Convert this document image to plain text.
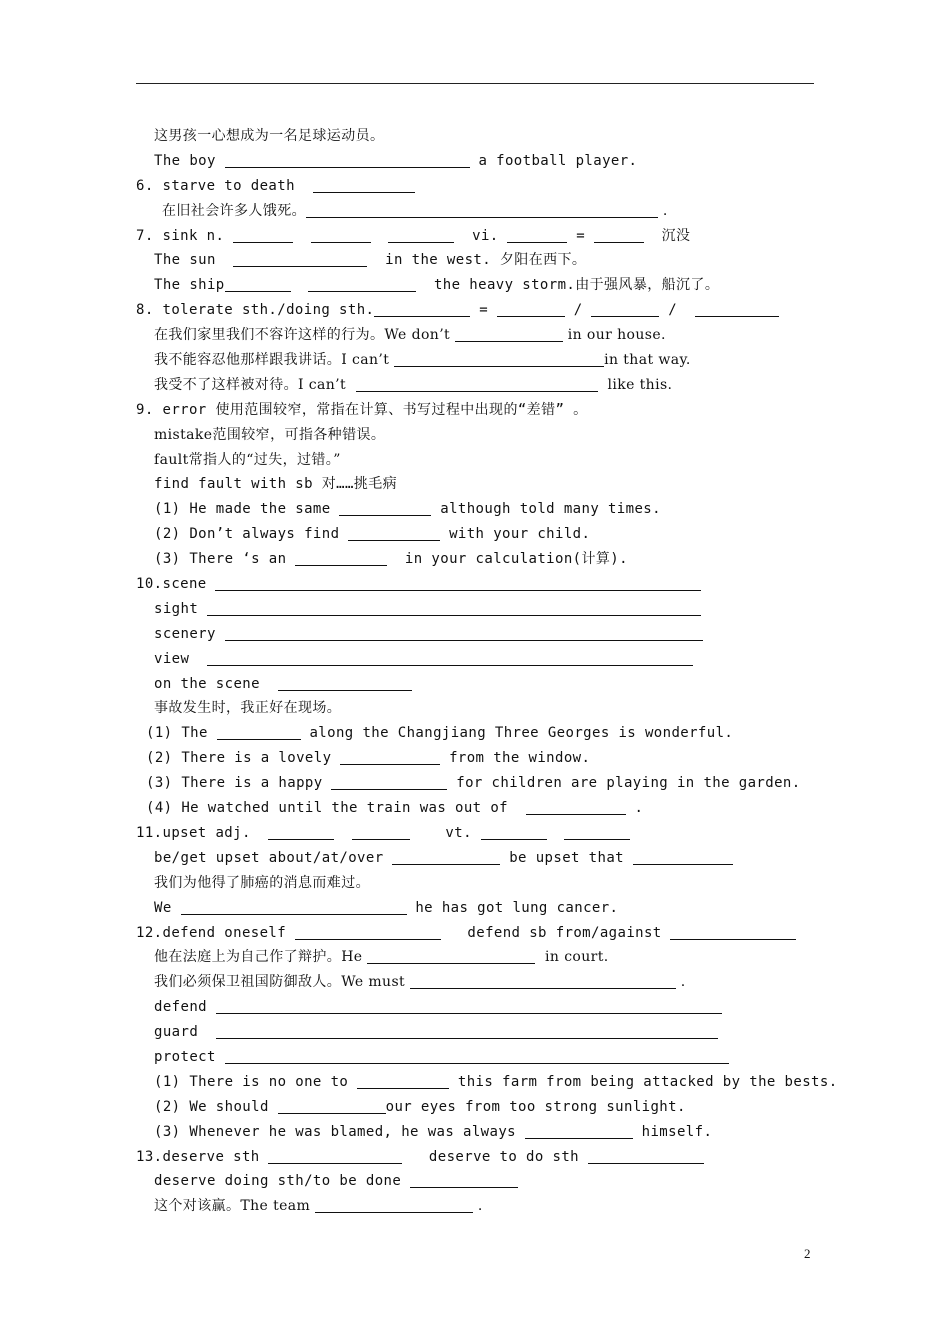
这男孩一心想成为一名足球运动员。
The boy	a football player.
6. starve to death
在旧社会许多人饿死。	.
7. sink n.	vi.	=	沉没
The sun	in the west. 夕阳在西下。
The ship	the heavy storm.由于强风暴，船沉了。
8. tolerate sth./doing sth.	=	/	/
在我们家里我们不容许这样的行为。We don’t	in our house.
我不能容忍他那样跟我讲话。I can’t	in that way.
我受不了这样被对待。I can’t	like this.
9. error 使用范围较窄，常指在计算、书写过程中出现的“差错” 。
mistake范围较窄，可指各种错误。
fault常指人的“过失，过错。”
find fault with sb 对……挑毛病
(1) He made the same	although told many times.
(2) Don’t always find	with your child.
(3) There ‘s an	in your calculation(计算).
10.scene
sight
scenery
view
on the scene
事故发生时，我正好在现场。
(1) The	along the Changjiang Three Georges is wonderful.
(2) There is a lovely	from the window.
(3) There is a happy	for children are playing in the garden.
(4) He watched until the train was out of	.
11.upset adj.	vt.
be/get upset about/at/over	be upset that
我们为他得了肺癌的消息而难过。
We	he has got lung cancer.
12.defend oneself	defend sb from/against
他在法庭上为自己作了辩护。He	in court.
我们必须保卫祖国防御敌人。We must	.
defend
guard
protect
(1) There is no one to	this farm from being attacked by the bests.
(2) We should	our eyes from too strong sunlight.
(3) Whenever he was blamed, he was always	himself.
13.deserve sth	deserve to do sth
deserve doing sth/to be done
这个对该赢。The team	.
2
